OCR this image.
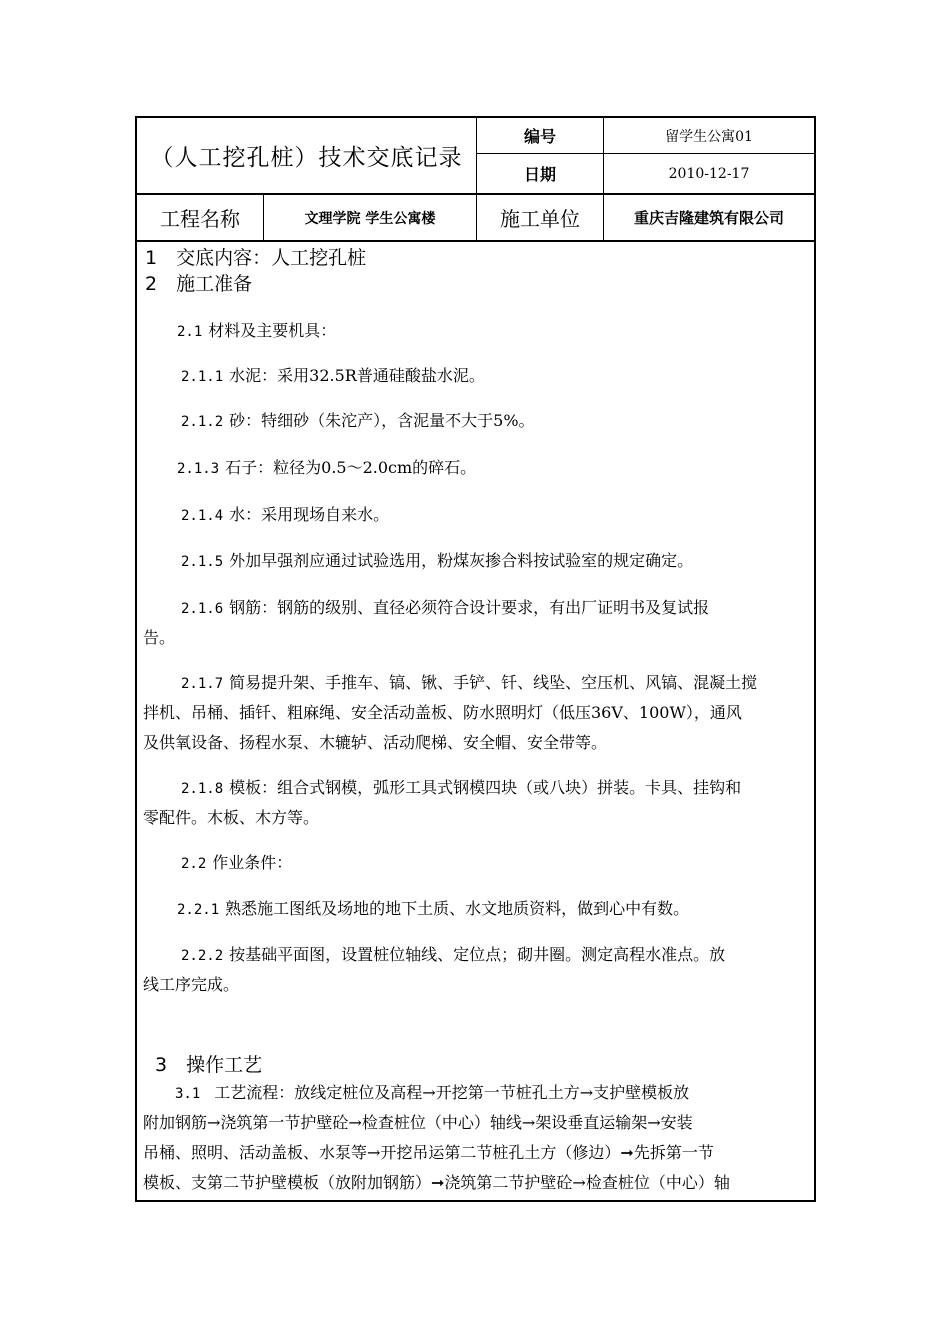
（人工挖孔桩）技术交底记录
编号	留学生公寓01
日期	2010-12-17
工程名称	文理学院 学生公寓楼	施工单位	重庆吉隆建筑有限公司
1　交底内容：人工挖孔桩
2　施工准备
2.1 材料及主要机具：
2.1.1 水泥：采用32.5R普通硅酸盐水泥。
2.1.2 砂：特细砂（朱沱产），含泥量不大于5%。
2.1.3 石子：粒径为0.5～2.0cm的碎石。
2.1.4 水：采用现场自来水。
2.1.5 外加早强剂应通过试验选用，粉煤灰掺合料按试验室的规定确定。
2.1.6 钢筋：钢筋的级别、直径必须符合设计要求，有出厂证明书及复试报
告。
2.1.7 简易提升架、手推车、镐、锹、手铲、钎、线坠、空压机、风镐、混凝土搅
拌机、吊桶、插钎、粗麻绳、安全活动盖板、防水照明灯（低压36V、100W），通风
及供氧设备、扬程水泵、木辘轳、活动爬梯、安全帽、安全带等。
2.1.8 模板：组合式钢模，弧形工具式钢模四块（或八块）拼装。卡具、挂钩和
零配件。木板、木方等。
2.2 作业条件：
2.2.1 熟悉施工图纸及场地的地下土质、水文地质资料，做到心中有数。
2.2.2 按基础平面图，设置桩位轴线、定位点；砌井圈。测定高程水准点。放
线工序完成。
3　操作工艺
3.1 工艺流程：放线定桩位及高程→开挖第一节桩孔土方→支护壁模板放
附加钢筋→浇筑第一节护壁砼→检查桩位（中心）轴线→架设垂直运输架→安装
吊桶、照明、活动盖板、水泵等→开挖吊运第二节桩孔土方（修边）➞先拆第一节
模板、支第二节护壁模板（放附加钢筋）➞浇筑第二节护壁砼→检查桩位（中心）轴
